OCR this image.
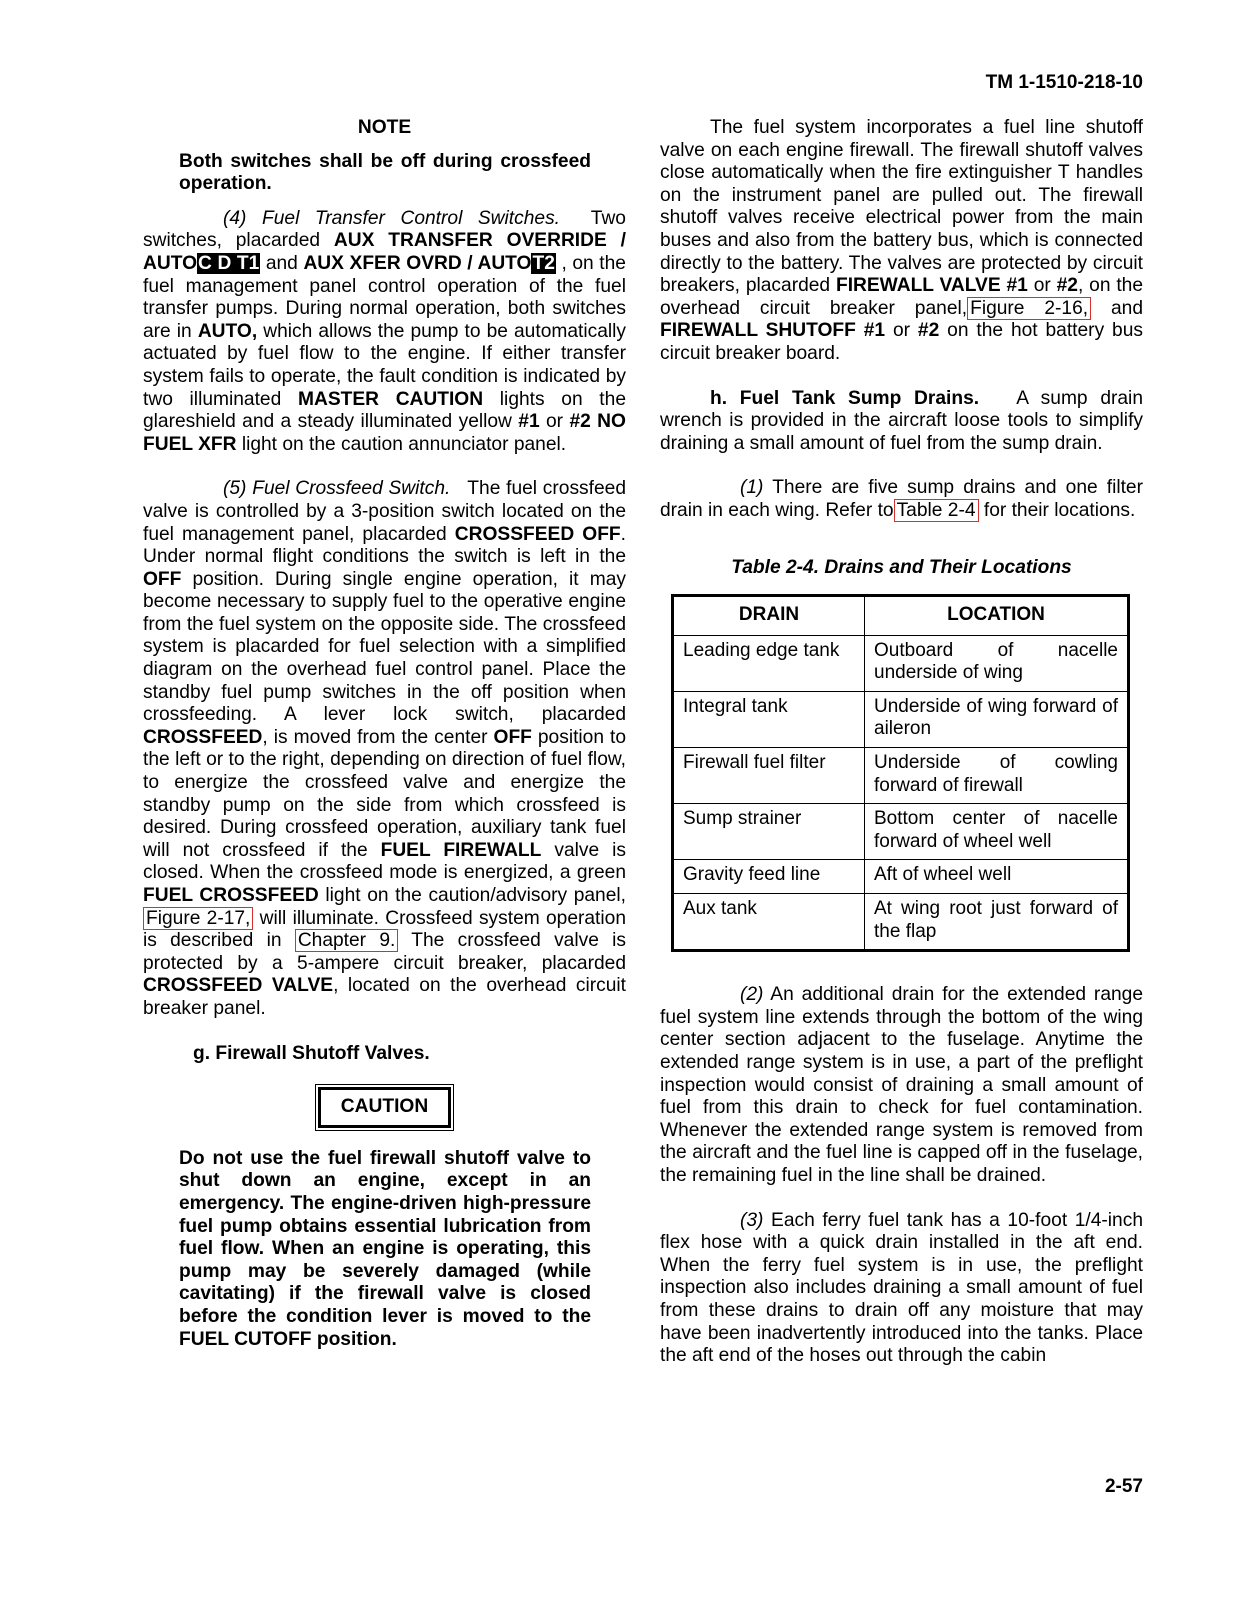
TM 1-1510-218-10
NOTE
Both switches shall be off during crossfeed operation.

(4) Fuel Transfer Control Switches. Two switches, placarded AUX TRANSFER OVERRIDE / AUTOC D T1 and AUX XFER OVRD / AUTOT2 , on the fuel management panel control operation of the fuel transfer pumps. During normal operation, both switches are in AUTO, which allows the pump to be automatically actuated by fuel flow to the engine. If either transfer system fails to operate, the fault condition is indicated by two illuminated MASTER CAUTION lights on the glareshield and a steady illuminated yellow #1 or #2 NO FUEL XFR light on the caution annunciator panel.

(5) Fuel Crossfeed Switch. The fuel crossfeed valve is controlled by a 3-position switch located on the fuel management panel, placarded CROSSFEED OFF. Under normal flight conditions the switch is left in the OFF position. During single engine operation, it may become necessary to supply fuel to the operative engine from the fuel system on the opposite side. The crossfeed system is placarded for fuel selection with a simplified diagram on the overhead fuel control panel. Place the standby fuel pump switches in the off position when crossfeeding. A lever lock switch, placarded CROSSFEED, is moved from the center OFF position to the left or to the right, depending on direction of fuel flow, to energize the crossfeed valve and energize the standby pump on the side from which crossfeed is desired. During crossfeed operation, auxiliary tank fuel will not crossfeed if the FUEL FIREWALL valve is closed. When the crossfeed mode is energized, a green FUEL CROSSFEED light on the caution/advisory panel, Figure 2-17, will illuminate. Crossfeed system operation is described in Chapter 9. The crossfeed valve is protected by a 5-ampere circuit breaker, placarded CROSSFEED VALVE, located on the overhead circuit breaker panel.

g. Firewall Shutoff Valves.

CAUTION
Do not use the fuel firewall shutoff valve to shut down an engine, except in an emergency. The engine-driven high-pressure fuel pump obtains essential lubrication from fuel flow. When an engine is operating, this pump may be severely damaged (while cavitating) if the firewall valve is closed before the condition lever is moved to the FUEL CUTOFF position.

The fuel system incorporates a fuel line shutoff valve on each engine firewall. The firewall shutoff valves close automatically when the fire extinguisher T handles on the instrument panel are pulled out. The firewall shutoff valves receive electrical power from the main buses and also from the battery bus, which is connected directly to the battery. The valves are protected by circuit breakers, placarded FIREWALL VALVE #1 or #2, on the overhead circuit breaker panel, Figure 2-16, and FIREWALL SHUTOFF #1 or #2 on the hot battery bus circuit breaker board.

h. Fuel Tank Sump Drains. A sump drain wrench is provided in the aircraft loose tools to simplify draining a small amount of fuel from the sump drain.

(1) There are five sump drains and one filter drain in each wing. Refer to Table 2-4 for their locations.

Table 2-4. Drains and Their Locations
DRAIN	LOCATION
Leading edge tank	Outboard of nacelle underside of wing
Integral tank	Underside of wing forward of aileron
Firewall fuel filter	Underside of cowling forward of firewall
Sump strainer	Bottom center of nacelle forward of wheel well
Gravity feed line	Aft of wheel well
Aux tank	At wing root just forward of the flap

(2) An additional drain for the extended range fuel system line extends through the bottom of the wing center section adjacent to the fuselage. Anytime the extended range system is in use, a part of the preflight inspection would consist of draining a small amount of fuel from this drain to check for fuel contamination. Whenever the extended range system is removed from the aircraft and the fuel line is capped off in the fuselage, the remaining fuel in the line shall be drained.

(3) Each ferry fuel tank has a 10-foot 1/4-inch flex hose with a quick drain installed in the aft end. When the ferry fuel system is in use, the preflight inspection also includes draining a small amount of fuel from these drains to drain off any moisture that may have been inadvertently introduced into the tanks. Place the aft end of the hoses out through the cabin

2-57
